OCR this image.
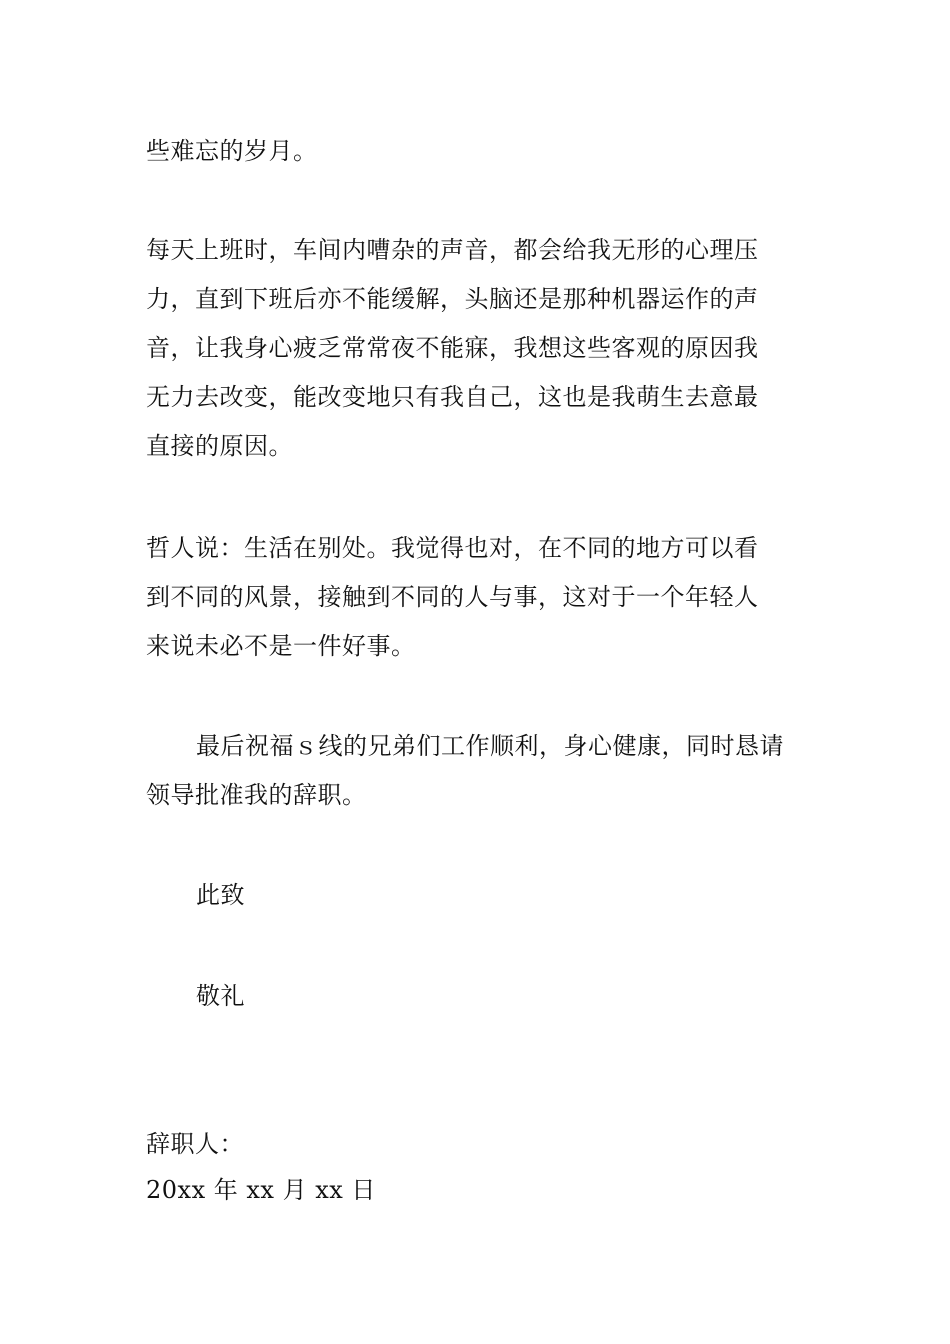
些难忘的岁月。
每天上班时，车间内嘈杂的声音，都会给我无形的心理压
力，直到下班后亦不能缓解，头脑还是那种机器运作的声
音，让我身心疲乏常常夜不能寐，我想这些客观的原因我
无力去改变，能改变地只有我自己，这也是我萌生去意最
直接的原因。
哲人说：生活在别处。我觉得也对，在不同的地方可以看
到不同的风景，接触到不同的人与事，这对于一个年轻人
来说未必不是一件好事。
最后祝福ｓ线的兄弟们工作顺利，身心健康，同时恳请
领导批准我的辞职。
此致
敬礼
辞职人：
20xx 年 xx 月 xx 日
